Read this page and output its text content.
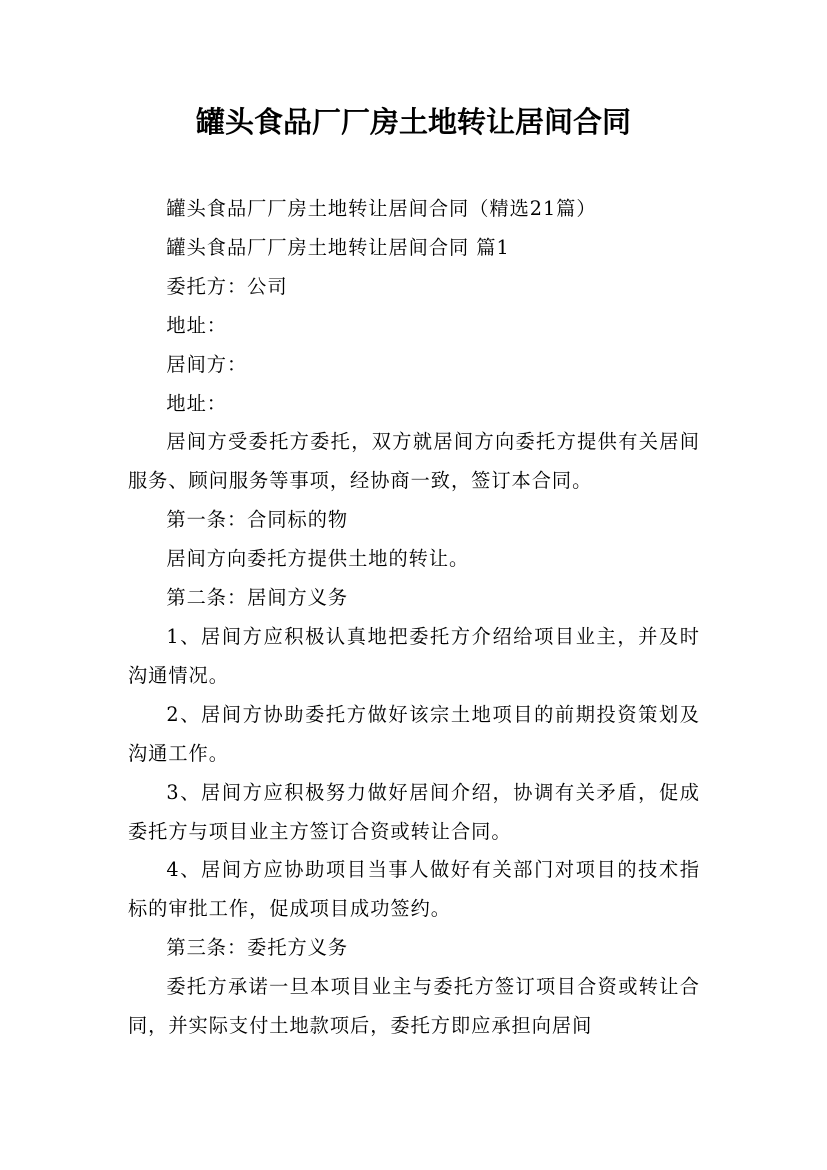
罐头食品厂厂房土地转让居间合同

罐头食品厂厂房土地转让居间合同（精选21篇）

罐头食品厂厂房土地转让居间合同 篇1

委托方：公司

地址：

居间方：

地址：

居间方受委托方委托，双方就居间方向委托方提供有关居间服务、顾问服务等事项，经协商一致，签订本合同。

第一条：合同标的物

居间方向委托方提供土地的转让。

第二条：居间方义务

1、居间方应积极认真地把委托方介绍给项目业主，并及时沟通情况。

2、居间方协助委托方做好该宗土地项目的前期投资策划及沟通工作。

3、居间方应积极努力做好居间介绍，协调有关矛盾，促成委托方与项目业主方签订合资或转让合同。

4、居间方应协助项目当事人做好有关部门对项目的技术指标的审批工作，促成项目成功签约。

第三条：委托方义务

委托方承诺一旦本项目业主与委托方签订项目合资或转让合同，并实际支付土地款项后，委托方即应承担向居间
